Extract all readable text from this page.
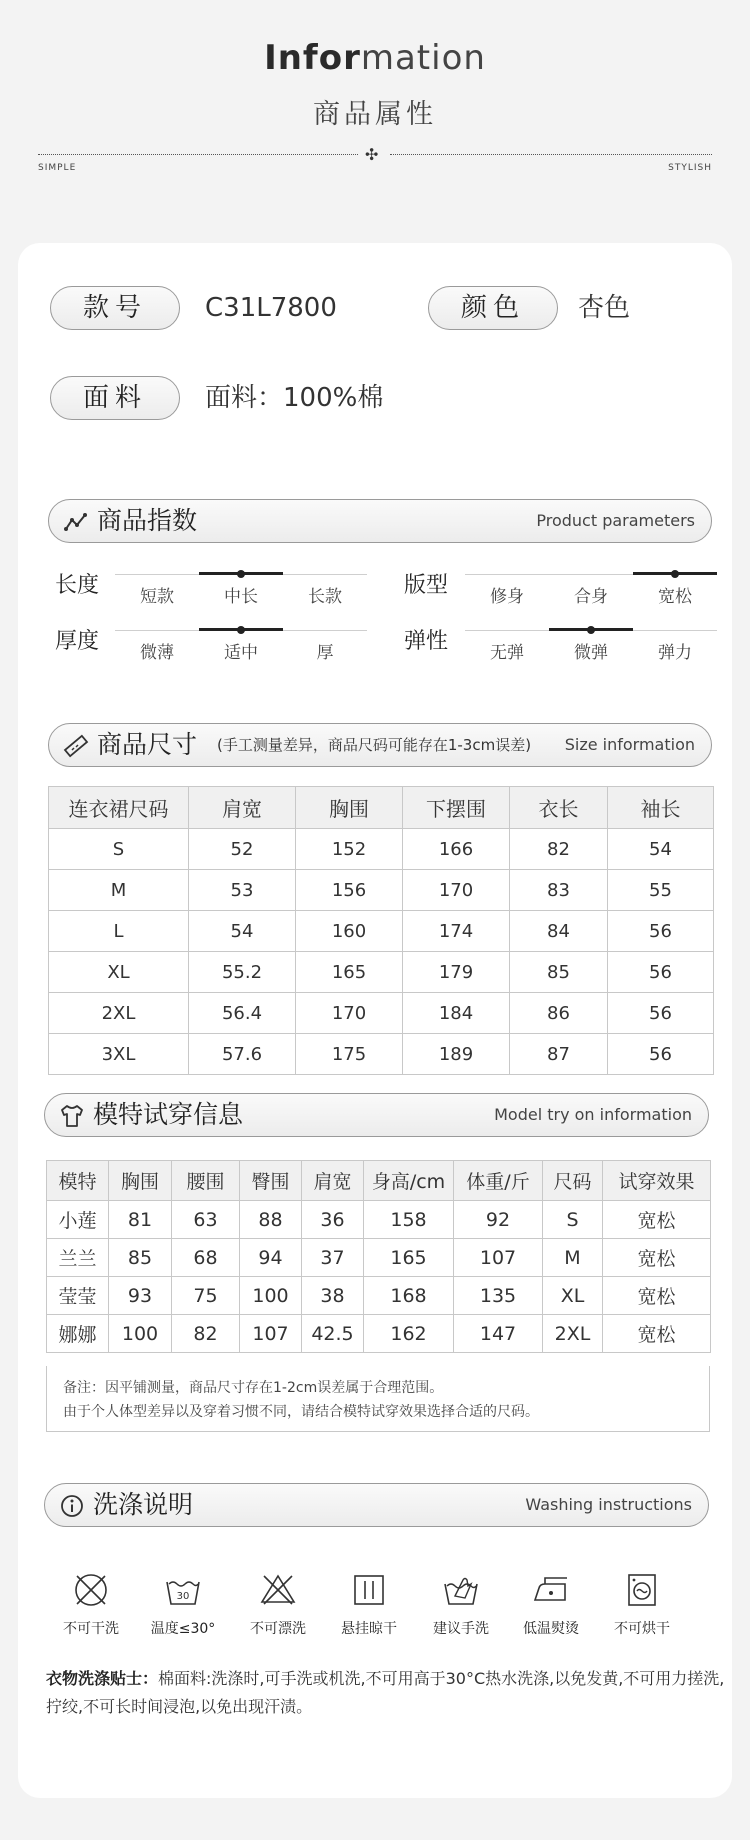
Information
商品属性
✣
SIMPLE	STYLISH
款号	C31L7800	颜色	杏色
面料	面料：100%棉
商品指数	Product parameters
长度	短款	中长	长款	版型	修身	合身	宽松
厚度	微薄	适中	厚	弹性	无弹	微弹	弹力
商品尺寸 (手工测量差异，商品尺码可能存在1-3cm误差) Size information
连衣裙尺码	肩宽	胸围	下摆围	衣长	袖长
S	52	152	166	82	54
M	53	156	170	83	55
L	54	160	174	84	56
XL	55.2	165	179	85	56
2XL	56.4	170	184	86	56
3XL	57.6	175	189	87	56
模特试穿信息	Model try on information
模特	胸围	腰围	臀围	肩宽	身高/cm	体重/斤	尺码	试穿效果
小莲	81	63	88	36	158	92	S	宽松
兰兰	85	68	94	37	165	107	M	宽松
莹莹	93	75	100	38	168	135	XL	宽松
娜娜	100	82	107	42.5	162	147	2XL	宽松
备注：因平铺测量，商品尺寸存在1-2cm误差属于合理范围。
由于个人体型差异以及穿着习惯不同，请结合模特试穿效果选择合适的尺码。
洗涤说明	Washing instructions
不可干洗
30
温度≤30°	不可漂洗	悬挂晾干	建议手洗	低温熨烫	不可烘干
衣物洗涤贴士：棉面料:洗涤时,可手洗或机洗,不可用高于30°C热水洗涤,以免发黄,不可用力搓洗,拧绞,不可长时间浸泡,以免出现汗渍。
